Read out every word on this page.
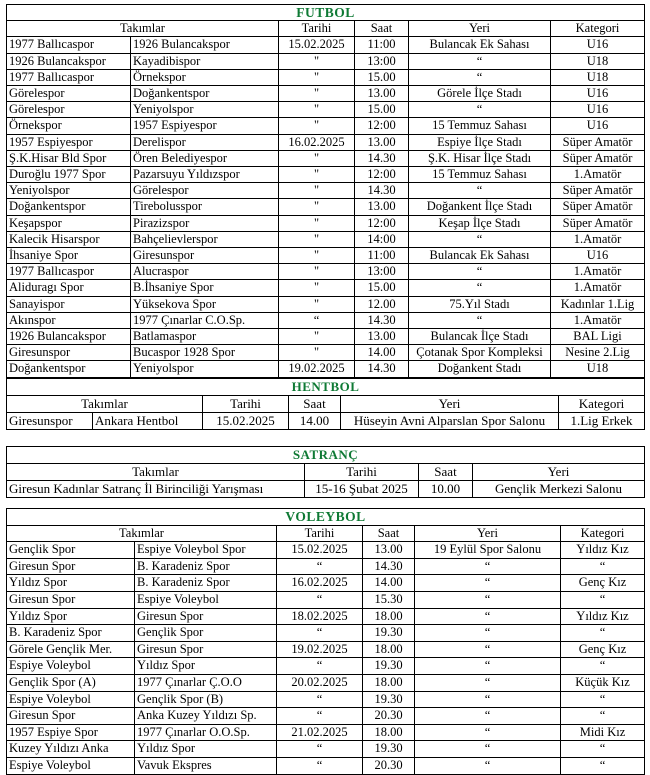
FUTBOL					
Takımlar		Tarihi	Saat	Yeri	Kategori
1977 Ballıcaspor	1926 Bulancakspor	15.02.2025	11:00	Bulancak Ek Sahası	U16
1926 Bulancakspor	Kayadibispor	"	13:00	“	U18
1977 Ballıcaspor	Örnekspor	"	15.00	“	U18
Görelespor	Doğankentspor	"	13.00	Görele İlçe Stadı	U16
Görelespor	Yeniyolspor	"	15.00	“	U16
Örnekspor	1957 Espiyespor	"	12:00	15 Temmuz Sahası	U16
1957 Espiyespor	Derelispor	16.02.2025	13.00	Espiye İlçe Stadı	Süper Amatör
Ş.K.Hisar Bld Spor	Ören Belediyespor	"	14.30	Ş.K. Hisar İlçe Stadı	Süper Amatör
Duroğlu 1977 Spor	Pazarsuyu Yıldızspor	"	12:00	15 Temmuz Sahası	1.Amatör
Yeniyolspor	Görelespor	"	14.30	“	Süper Amatör
Doğankentspor	Tirebolusspor	"	13.00	Doğankent İlçe Stadı	Süper Amatör
Keşapspor	Pirazizspor	"	12:00	Keşap İlçe Stadı	Süper Amatör
Kalecik Hisarspor	Bahçelievlerspor	"	14:00	“	1.Amatör
İhsaniye Spor	Giresunspor	"	11:00	Bulancak Ek Sahası	U16
1977 Ballıcaspor	Alucraspor	"	13:00	“	1.Amatör
Aliduragı Spor	B.İhsaniye Spor	"	15.00	“	1.Amatör
Sanayispor	Yüksekova Spor	"	12.00	75.Yıl Stadı	Kadınlar 1.Lig
Akınspor	1977 Çınarlar C.O.Sp.	“	14.30	“	1.Amatör
1926 Bulancakspor	Batlamaspor	"	13.00	Bulancak İlçe Stadı	BAL Ligi
Giresunspor	Bucaspor 1928 Spor	"	14.00	Çotanak Spor Kompleksi	Nesine 2.Lig
Doğankentspor	Yeniyolspor	19.02.2025	14.30	Doğankent Stadı	U18
HENTBOL					
Takımlar		Tarihi	Saat	Yeri	Kategori
Giresunspor	Ankara Hentbol	15.02.2025	14.00	Hüseyin Avni Alparslan Spor Salonu	1.Lig Erkek
SATRANÇ			
Takımlar	Tarihi	Saat	Yeri
Giresun Kadınlar Satranç İl Birinciliği Yarışması	15-16 Şubat 2025	10.00	Gençlik Merkezi Salonu
VOLEYBOL					
Takımlar		Tarihi	Saat	Yeri	Kategori
Gençlik Spor	Espiye Voleybol Spor	15.02.2025	13.00	19 Eylül Spor Salonu	Yıldız Kız
Giresun Spor	B. Karadeniz Spor	“	14.30	“	“
Yıldız Spor	B. Karadeniz Spor	16.02.2025	14.00	“	Genç Kız
Giresun Spor	Espiye Voleybol	“	15.30	“	“
Yıldız Spor	Giresun Spor	18.02.2025	18.00	“	Yıldız Kız
B. Karadeniz Spor	Gençlik Spor	“	19.30	“	“
Görele Gençlik Mer.	Giresun Spor	19.02.2025	18.00	“	Genç Kız
Espiye Voleybol	Yıldız Spor	“	19.30	“	“
Gençlik Spor (A)	1977 Çınarlar Ç.O.O	20.02.2025	18.00	“	Küçük Kız
Espiye Voleybol	Gençlik Spor (B)	“	19.30	“	“
Giresun Spor	Anka Kuzey Yıldızı Sp.	“	20.30	“	“
1957 Espiye Spor	1977 Çınarlar O.O.Sp.	21.02.2025	18.00	“	Midi Kız
Kuzey Yıldızı Anka	Yıldız Spor	“	19.30	“	“
Espiye Voleybol	Vavuk Ekspres	“	20.30	“	“
